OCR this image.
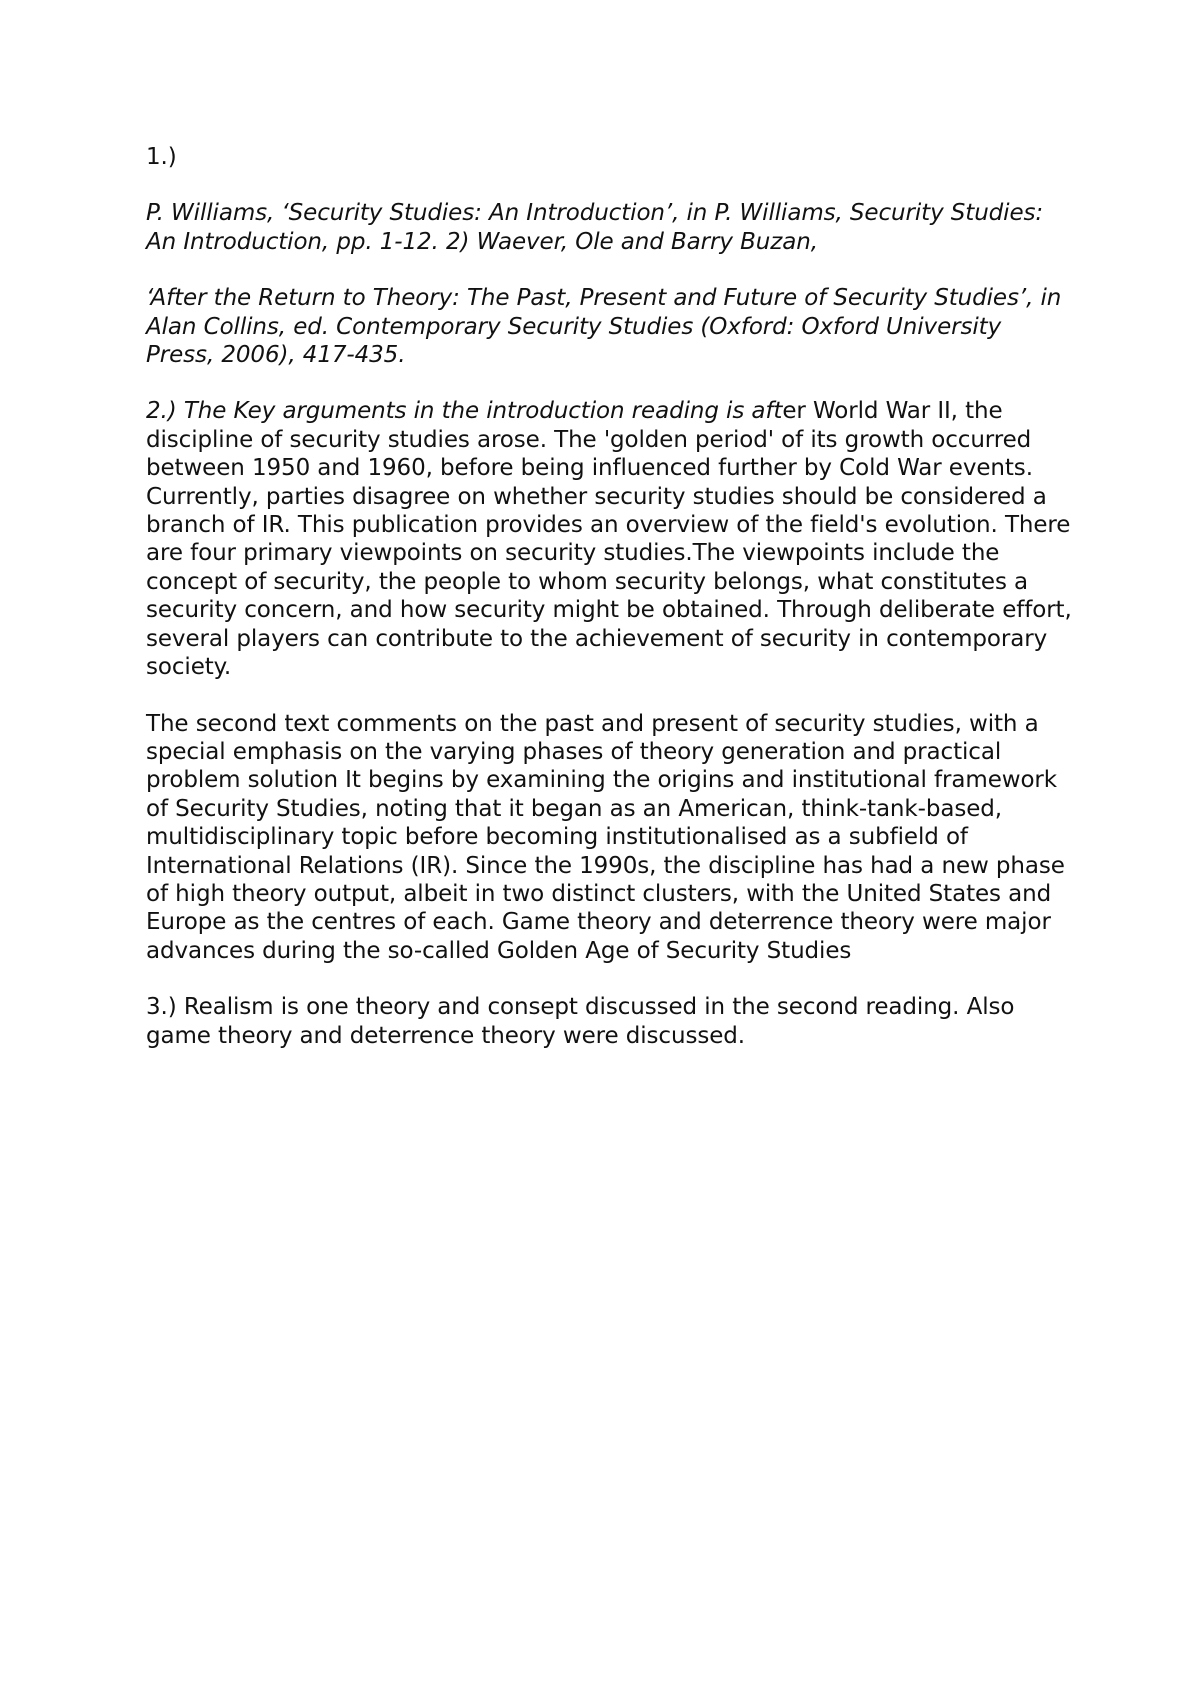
1.)

P. Williams, ‘Security Studies: An Introduction’, in P. Williams, Security Studies: An Introduction, pp. 1-12. 2) Waever, Ole and Barry Buzan,

‘After the Return to Theory: The Past, Present and Future of Security Studies’, in Alan Collins, ed. Contemporary Security Studies (Oxford: Oxford University Press, 2006), 417-435.

2.) The Key arguments in the introduction reading is after World War II, the discipline of security studies arose. The 'golden period' of its growth occurred between 1950 and 1960, before being influenced further by Cold War events. Currently, parties disagree on whether security studies should be considered a branch of IR. This publication provides an overview of the field's evolution. There are four primary viewpoints on security studies.The viewpoints include the concept of security, the people to whom security belongs, what constitutes a security concern, and how security might be obtained. Through deliberate effort, several players can contribute to the achievement of security in contemporary society.

The second text comments on the past and present of security studies, with a special emphasis on the varying phases of theory generation and practical problem solution It begins by examining the origins and institutional framework of Security Studies, noting that it began as an American, think-tank-based, multidisciplinary topic before becoming institutionalised as a subfield of International Relations (IR). Since the 1990s, the discipline has had a new phase of high theory output, albeit in two distinct clusters, with the United States and Europe as the centres of each. Game theory and deterrence theory were major advances during the so-called Golden Age of Security Studies

3.) Realism is one theory and consept discussed in the second reading. Also game theory and deterrence theory were discussed.
